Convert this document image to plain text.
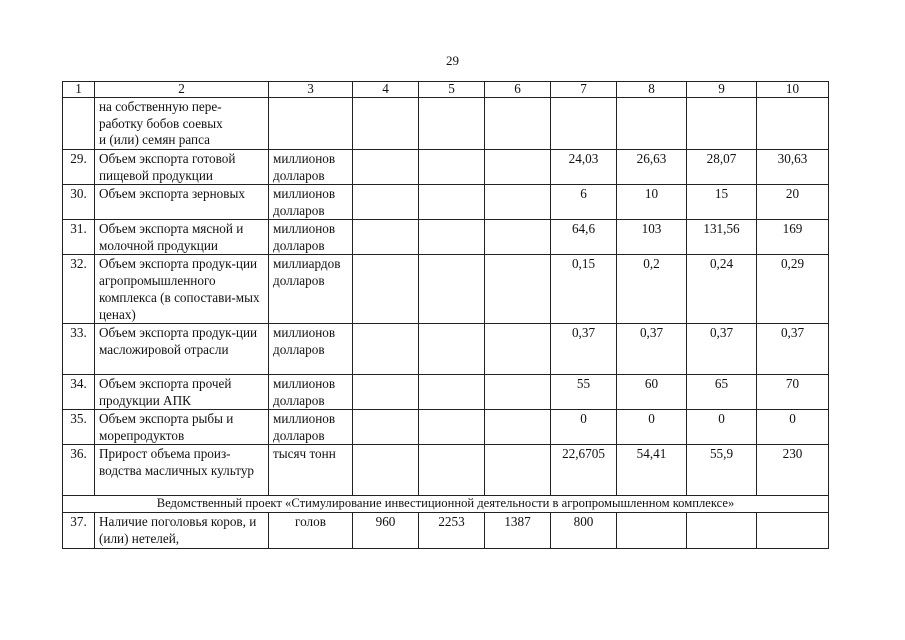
29
1	2	3	4	5	6	7	8	9	10
	на собственную пере-
работку бобов соевых
и (или) семян рапса								
29.	Объем экспорта готовой пищевой продукции	миллионов долларов				24,03	26,63	28,07	30,63
30.	Объем экспорта зерновых	миллионов долларов				6	10	15	20
31.	Объем экспорта мясной и молочной продукции	миллионов долларов				64,6	103	131,56	169
32.	Объем экспорта продук-ции агропромышленного комплекса (в сопостави-мых ценах)	миллиардов долларов				0,15	0,2	0,24	0,29
33.	Объем экспорта продук-ции масложировой отрасли	миллионов долларов				0,37	0,37	0,37	0,37
34.	Объем экспорта прочей продукции АПК	миллионов долларов				55	60	65	70
35.	Объем экспорта рыбы и морепродуктов	миллионов долларов				0	0	0	0
36.	Прирост объема произ-водства масличных культур	тысяч тонн				22,6705	54,41	55,9	230
Ведомственный проект «Стимулирование инвестиционной деятельности в агропромышленном комплексе»									
37.	Наличие поголовья коров, и (или) нетелей,	голов	960	2253	1387	800			
